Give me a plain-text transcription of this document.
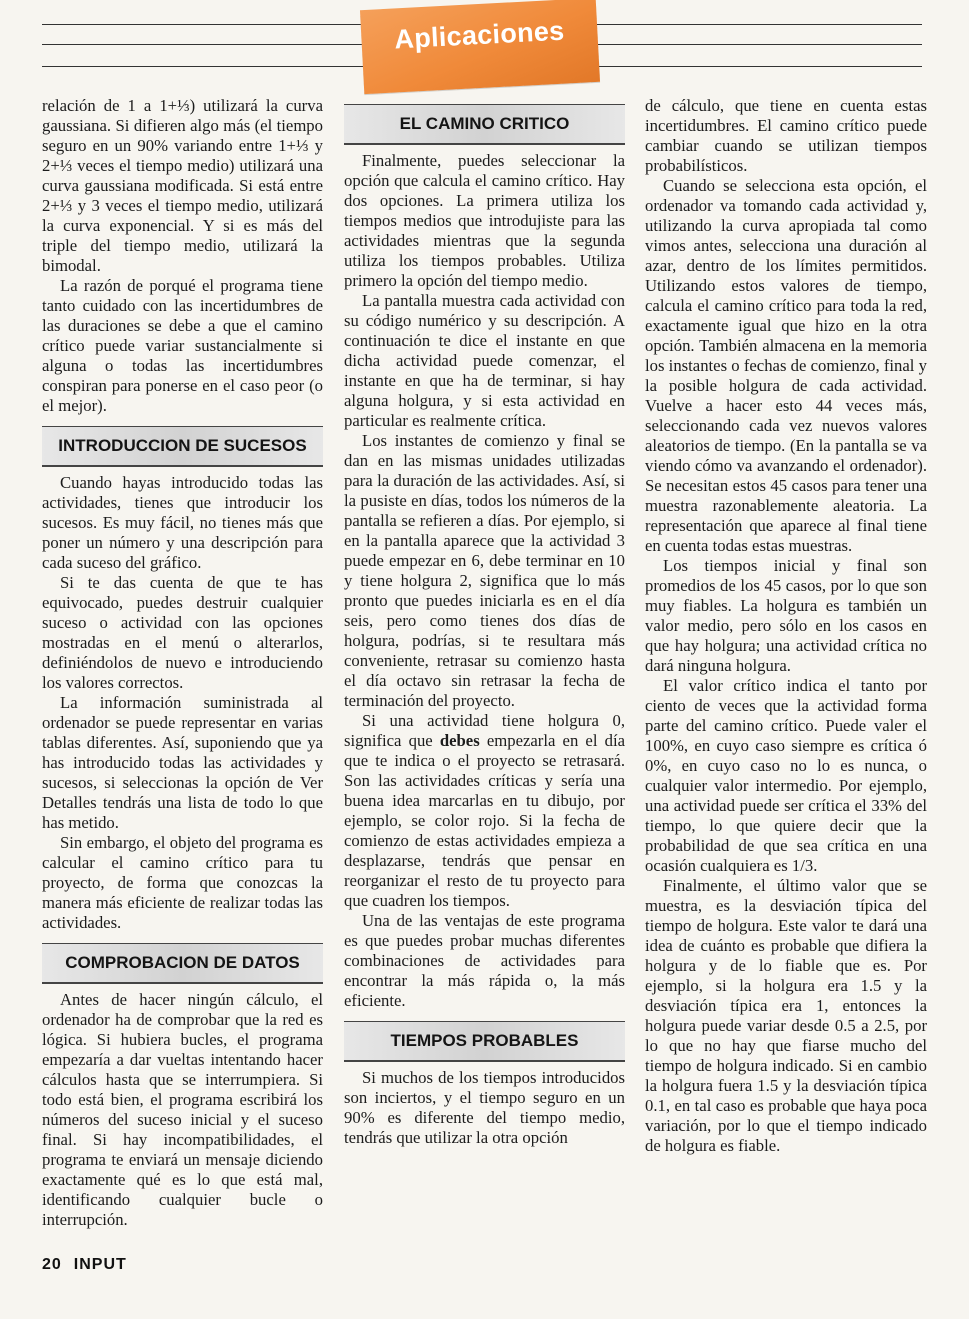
Aplicaciones

relación de 1 a 1+⅓) utilizará la curva gaussiana. Si difieren algo más (el tiempo seguro en un 90% variando entre 1+⅓ y 2+⅓ veces el tiempo medio) utilizará una curva gaussiana modificada. Si está entre 2+⅓ y 3 veces el tiempo medio, utilizará la curva exponencial. Y si es más del triple del tiempo medio, utilizará la bimodal.

La razón de porqué el programa tiene tanto cuidado con las incertidumbres de las duraciones se debe a que el camino crítico puede variar sustancialmente si alguna o todas las incertidumbres conspiran para ponerse en el caso peor (o el mejor).

INTRODUCCION DE SUCESOS

Cuando hayas introducido todas las actividades, tienes que introducir los sucesos. Es muy fácil, no tienes más que poner un número y una descripción para cada suceso del gráfico.

Si te das cuenta de que te has equivocado, puedes destruir cualquier suceso o actividad con las opciones mostradas en el menú o alterarlos, definiéndolos de nuevo e introduciendo los valores correctos.

La información suministrada al ordenador se puede representar en varias tablas diferentes. Así, suponiendo que ya has introducido todas las actividades y sucesos, si seleccionas la opción de Ver Detalles tendrás una lista de todo lo que has metido.

Sin embargo, el objeto del programa es calcular el camino crítico para tu proyecto, de forma que conozcas la manera más eficiente de realizar todas las actividades.

COMPROBACION DE DATOS

Antes de hacer ningún cálculo, el ordenador ha de comprobar que la red es lógica. Si hubiera bucles, el programa empezaría a dar vueltas intentando hacer cálculos hasta que se interrumpiera. Si todo está bien, el programa escribirá los números del suceso inicial y el suceso final. Si hay incompatibilidades, el programa te enviará un mensaje diciendo exactamente qué es lo que está mal, identificando cualquier bucle o interrupción.

EL CAMINO CRITICO

Finalmente, puedes seleccionar la opción que calcula el camino crítico. Hay dos opciones. La primera utiliza los tiempos medios que introdujiste para las actividades mientras que la segunda utiliza los tiempos probables. Utiliza primero la opción del tiempo medio.

La pantalla muestra cada actividad con su código numérico y su descripción. A continuación te dice el instante en que dicha actividad puede comenzar, el instante en que ha de terminar, si hay alguna holgura, y si esta actividad en particular es realmente crítica.

Los instantes de comienzo y final se dan en las mismas unidades utilizadas para la duración de las actividades. Así, si la pusiste en días, todos los números de la pantalla se refieren a días. Por ejemplo, si en la pantalla aparece que la actividad 3 puede empezar en 6, debe terminar en 10 y tiene holgura 2, significa que lo más pronto que puedes iniciarla es en el día seis, pero como tienes dos días de holgura, podrías, si te resultara más conveniente, retrasar su comienzo hasta el día octavo sin retrasar la fecha de terminación del proyecto.

Si una actividad tiene holgura 0, significa que debes empezarla en el día que te indica o el proyecto se retrasará. Son las actividades críticas y sería una buena idea marcarlas en tu dibujo, por ejemplo, se color rojo. Si la fecha de comienzo de estas actividades empieza a desplazarse, tendrás que pensar en reorganizar el resto de tu proyecto para que cuadren los tiempos.

Una de las ventajas de este programa es que puedes probar muchas diferentes combinaciones de actividades para encontrar la más rápida o, la más eficiente.

TIEMPOS PROBABLES

Si muchos de los tiempos introducidos son inciertos, y el tiempo seguro en un 90% es diferente del tiempo medio, tendrás que utilizar la otra opción

de cálculo, que tiene en cuenta estas incertidumbres. El camino crítico puede cambiar cuando se utilizan tiempos probabilísticos.

Cuando se selecciona esta opción, el ordenador va tomando cada actividad y, utilizando la curva apropiada tal como vimos antes, selecciona una duración al azar, dentro de los límites permitidos. Utilizando estos valores de tiempo, calcula el camino crítico para toda la red, exactamente igual que hizo en la otra opción. También almacena en la memoria los instantes o fechas de comienzo, final y la posible holgura de cada actividad. Vuelve a hacer esto 44 veces más, seleccionando cada vez nuevos valores aleatorios de tiempo. (En la pantalla se va viendo cómo va avanzando el ordenador). Se necesitan estos 45 casos para tener una muestra razonablemente aleatoria. La representación que aparece al final tiene en cuenta todas estas muestras.

Los tiempos inicial y final son promedios de los 45 casos, por lo que son muy fiables. La holgura es también un valor medio, pero sólo en los casos en que hay holgura; una actividad crítica no dará ninguna holgura.

El valor crítico indica el tanto por ciento de veces que la actividad forma parte del camino crítico. Puede valer el 100%, en cuyo caso siempre es crítica ó 0%, en cuyo caso no lo es nunca, o cualquier valor intermedio. Por ejemplo, una actividad puede ser crítica el 33% del tiempo, lo que quiere decir que la probabilidad de que sea crítica en una ocasión cualquiera es 1/3.

Finalmente, el último valor que se muestra, es la desviación típica del tiempo de holgura. Este valor te dará una idea de cuánto es probable que difiera la holgura y de lo fiable que es. Por ejemplo, si la holgura era 1.5 y la desviación típica era 1, entonces la holgura puede variar desde 0.5 a 2.5, por lo que no hay que fiarse mucho del tiempo de holgura indicado. Si en cambio la holgura fuera 1.5 y la desviación típica 0.1, en tal caso es probable que haya poca variación, por lo que el tiempo indicado de holgura es fiable.

20 INPUT
